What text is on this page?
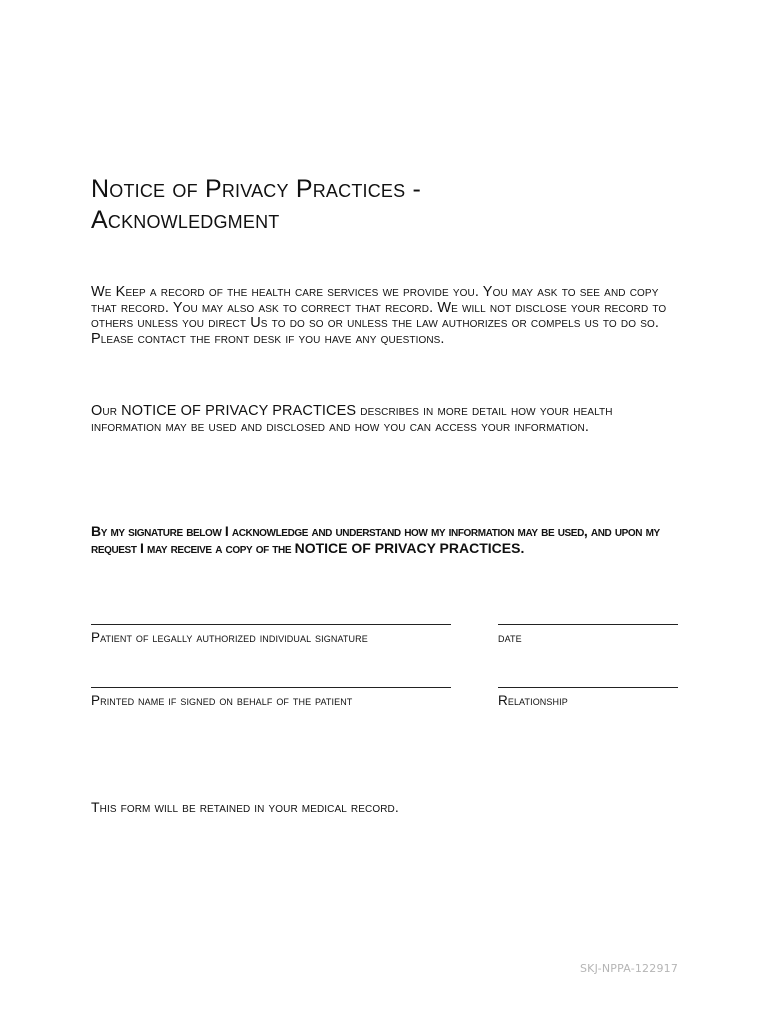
Notice of Privacy Practices -
Acknowledgment

We Keep a record of the health care services we provide you. You may ask to see and copy that record. You may also ask to correct that record. We will not disclose your record to others unless you direct Us to do so or unless the law authorizes or compels us to do so. Please contact the front desk if you have any questions.

Our NOTICE OF PRIVACY PRACTICES describes in more detail how your health information may be used and disclosed and how you can access your information.

By my signature below I acknowledge and understand how my information may be used, and upon my request I may receive a copy of the NOTICE OF PRIVACY PRACTICES.

Patient of legally authorized individual signature	date
Printed name if signed on behalf of the patient	Relationship

This form will be retained in your medical record.

SKJ-NPPA-122917
